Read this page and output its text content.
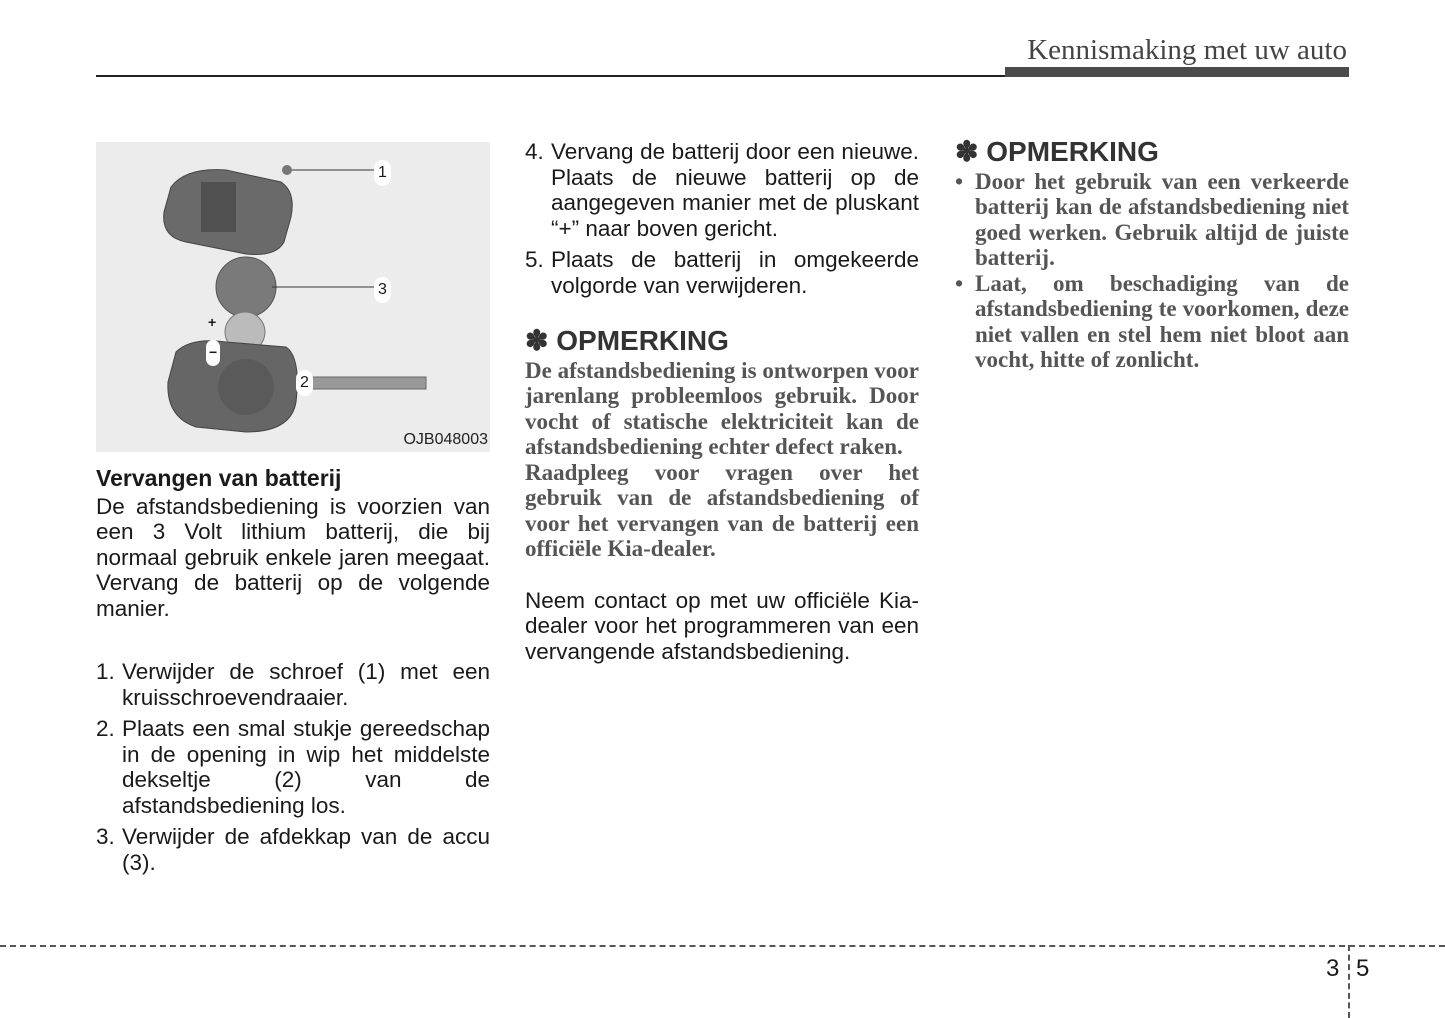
Kennismaking met uw auto
1
3
2
+
−
OJB048003
Vervangen van batterij

De afstandsbediening is voorzien van een 3 Volt lithium batterij, die bij normaal gebruik enkele jaren meegaat. Vervang de batterij op de volgende manier.

1. Verwijder de schroef (1) met een kruisschroevendraaier.
2. Plaats een smal stukje gereedschap in de opening in wip het middelste dekseltje (2) van de afstandsbediening los.
3. Verwijder de afdekkap van de accu (3).
4. Vervang de batterij door een nieuwe. Plaats de nieuwe batterij op de aangegeven manier met de pluskant “+” naar boven gericht.
5. Plaats de batterij in omgekeerde volgorde van verwijderen.
✽ OPMERKING

De afstandsbediening is ontworpen voor jarenlang probleemloos gebruik. Door vocht of statische elektriciteit kan de afstandsbediening echter defect raken.

Raadpleeg voor vragen over het gebruik van de afstandsbediening of voor het vervangen van de batterij een officiële Kia-dealer.

Neem contact op met uw officiële Kia-dealer voor het programmeren van een vervangende afstandsbediening.

✽ OPMERKING
• Door het gebruik van een verkeerde batterij kan de afstandsbediening niet goed werken. Gebruik altijd de juiste batterij.
• Laat, om beschadiging van de afstandsbediening te voorkomen, deze niet vallen en stel hem niet bloot aan vocht, hitte of zonlicht.
3 5
